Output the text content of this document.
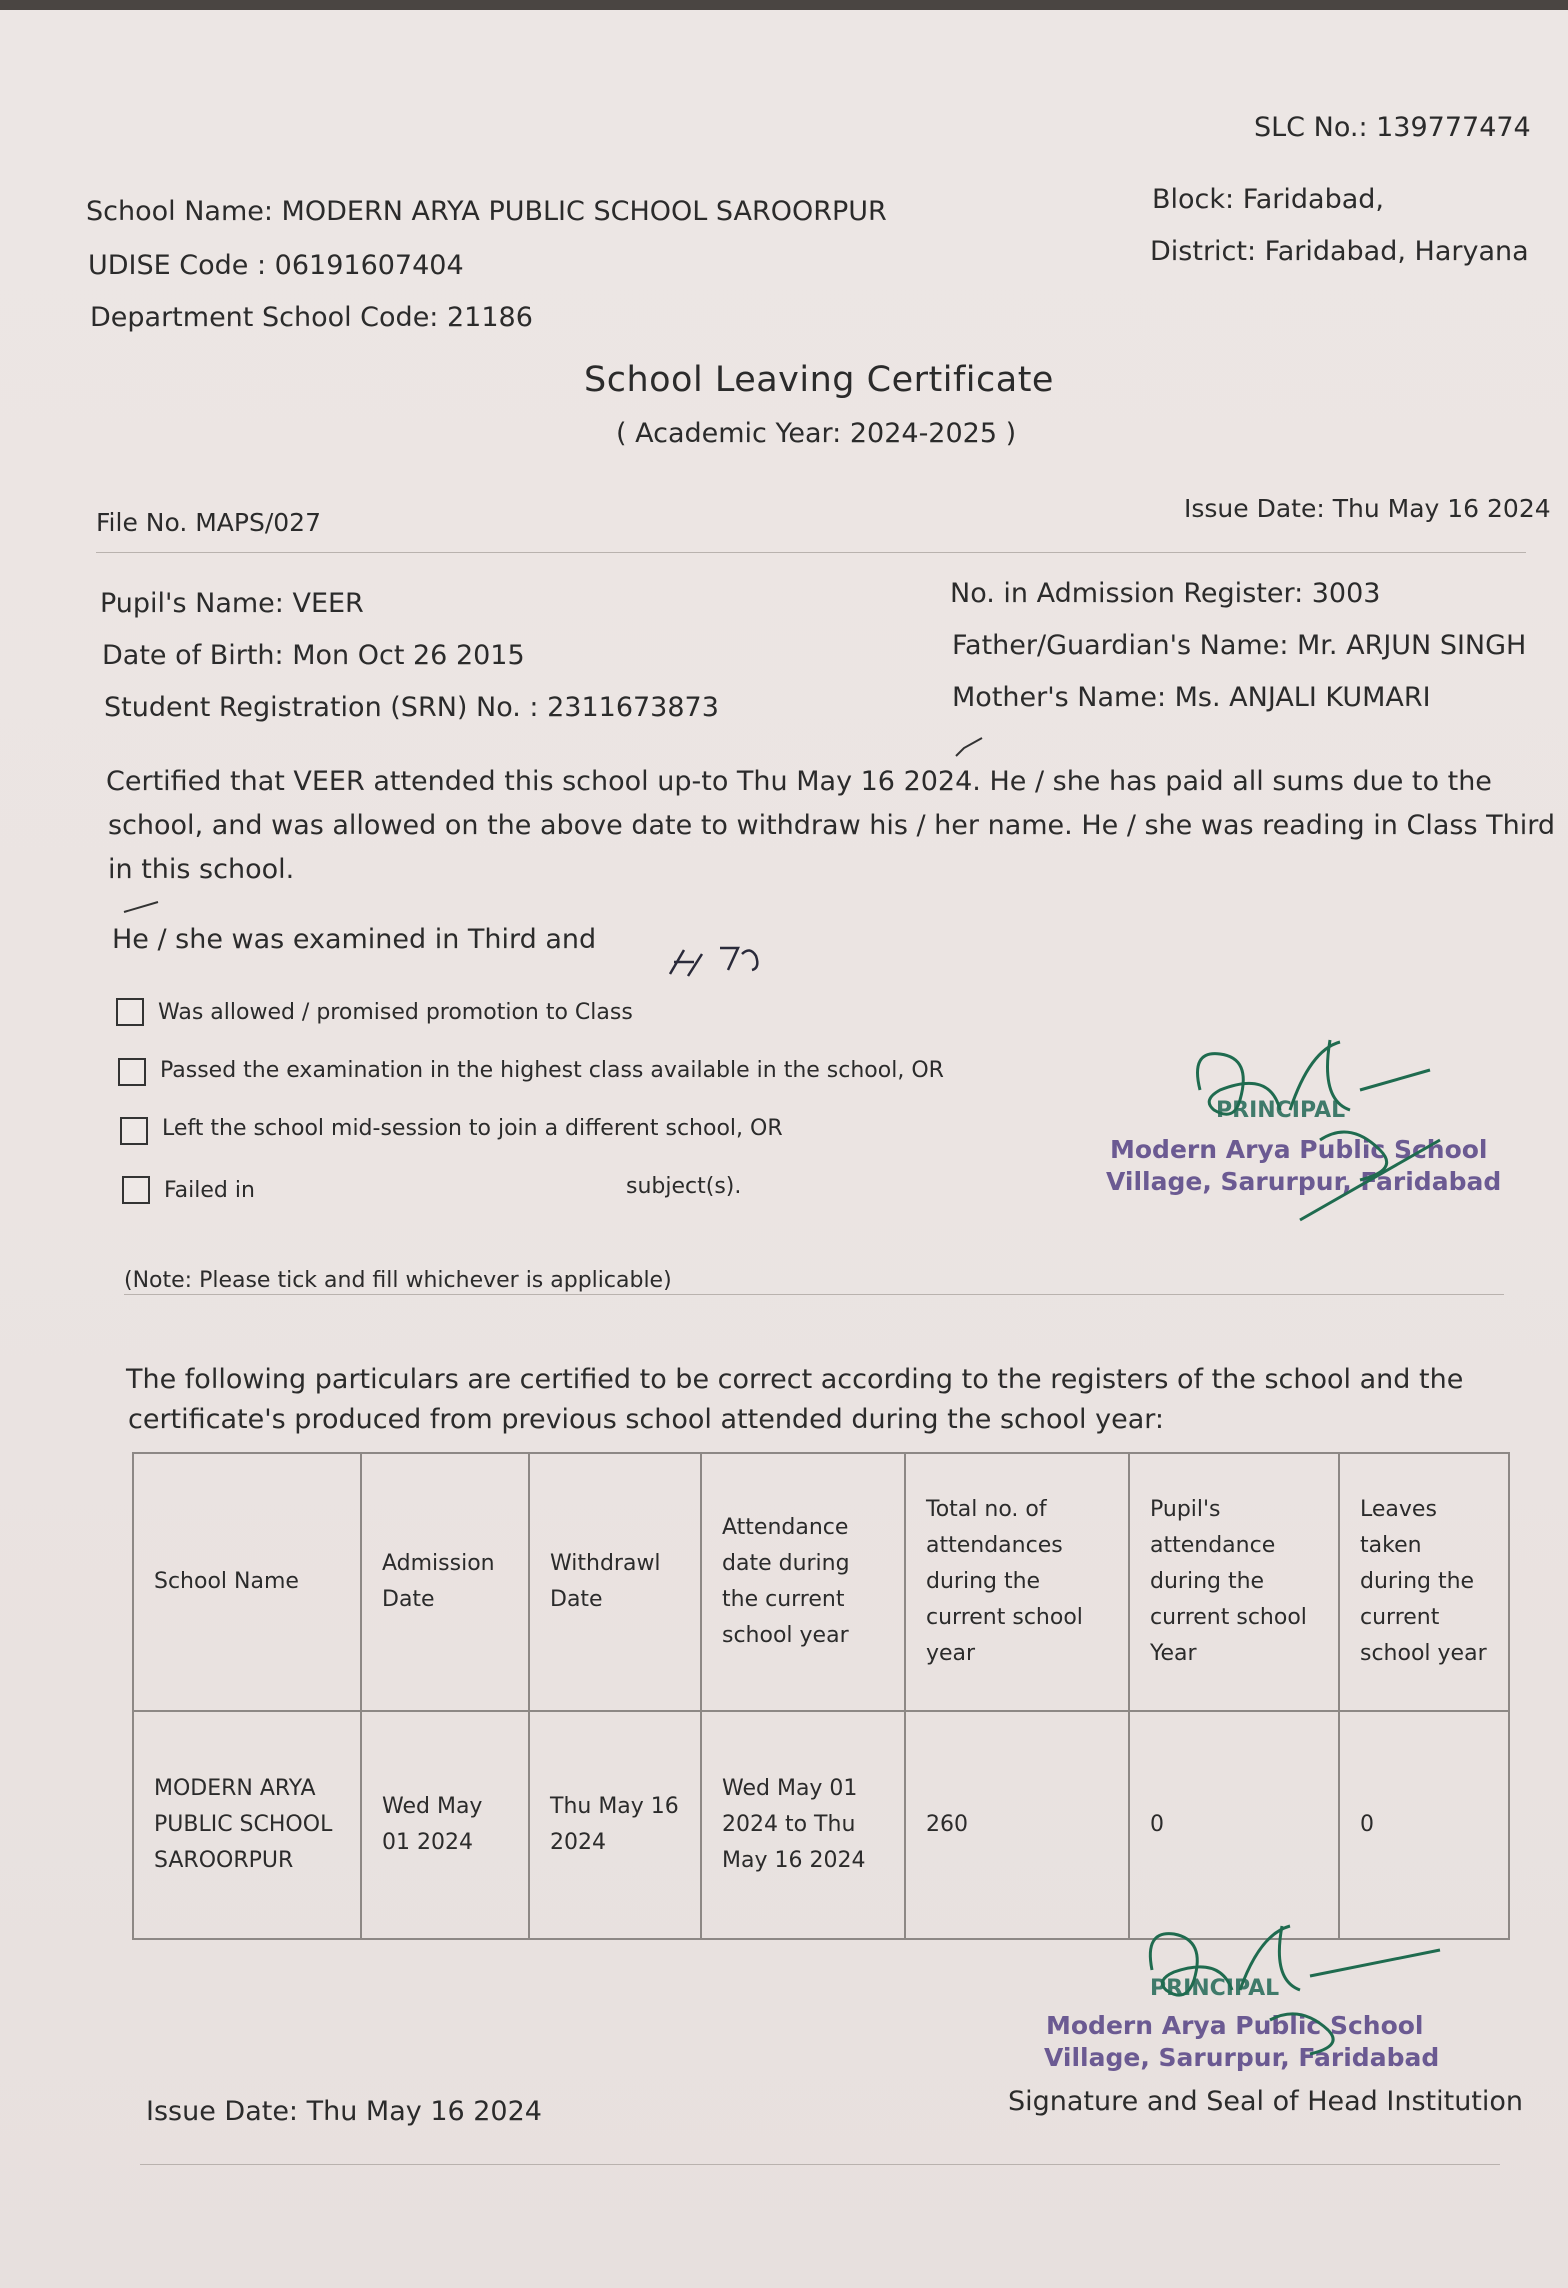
SLC No.: 139777474
School Name: MODERN ARYA PUBLIC SCHOOL SAROORPUR
UDISE Code : 06191607404
Department School Code: 21186
Block: Faridabad,
District: Faridabad, Haryana
School Leaving Certificate
( Academic Year: 2024-2025 )
File No. MAPS/027	Issue Date: Thu May 16 2024
Pupil's Name: VEER
Date of Birth: Mon Oct 26 2015
Student Registration (SRN) No. : 2311673873
No. in Admission Register: 3003
Father/Guardian's Name: Mr. ARJUN SINGH
Mother's Name: Ms. ANJALI KUMARI
Certified that VEER attended this school up-to Thu May 16 2024. He / she has paid all sums due to the
school, and was allowed on the above date to withdraw his / her name. He / she was reading in Class Third
in this school.
He / she was examined in Third and
Was allowed / promised promotion to Class
Passed the examination in the highest class available in the school, OR
Left the school mid-session to join a different school, OR
Failed in	subject(s).
PRINCIPAL
Modern Arya Public School
Village, Sarurpur, Faridabad
(Note: Please tick and fill whichever is applicable)
The following particulars are certified to be correct according to the registers of the school and the
certificate's produced from previous school attended during the school year:
School Name	Admission Date	Withdrawl Date	Attendance date during the current school year	Total no. of attendances during the current school year	Pupil's attendance during the current school Year	Leaves taken during the current school year
MODERN ARYA PUBLIC SCHOOL SAROORPUR	Wed May 01 2024	Thu May 16 2024	Wed May 01 2024 to Thu May 16 2024	260	0	0
PRINCIPAL
Modern Arya Public School
Village, Sarurpur, Faridabad
Issue Date: Thu May 16 2024	Signature and Seal of Head Institution
